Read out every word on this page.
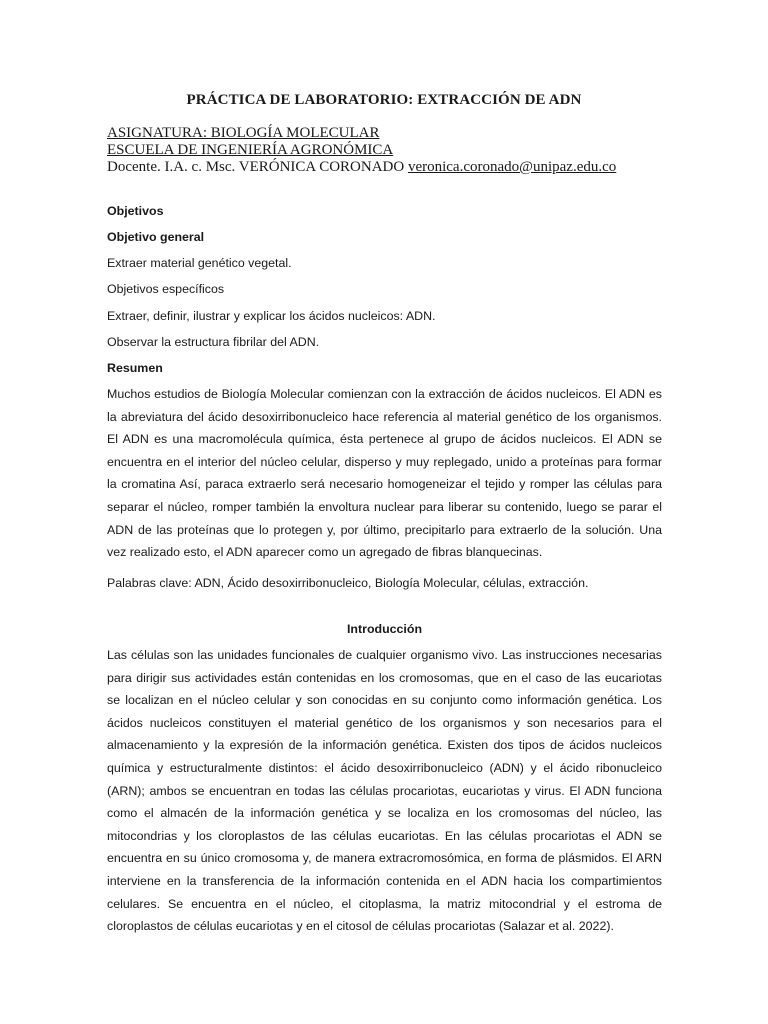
PRÁCTICA DE LABORATORIO: EXTRACCIÓN DE ADN
ASIGNATURA: BIOLOGÍA MOLECULAR
ESCUELA DE INGENIERÍA AGRONÓMICA
Docente. I.A. c. Msc. VERÓNICA CORONADO veronica.coronado@unipaz.edu.co
Objetivos
Objetivo general
Extraer material genético vegetal.
Objetivos específicos
Extraer, definir, ilustrar y explicar los ácidos nucleicos: ADN.
Observar la estructura fibrilar del ADN.
Resumen
Muchos estudios de Biología Molecular comienzan con la extracción de ácidos nucleicos. El ADN es la abreviatura del ácido desoxirribonucleico hace referencia al material genético de los organismos. El ADN es una macromolécula química, ésta pertenece al grupo de ácidos nucleicos. El ADN se encuentra en el interior del núcleo celular, disperso y muy replegado, unido a proteínas para formar la cromatina Así, paraca extraerlo será necesario homogeneizar el tejido y romper las células para separar el núcleo, romper también la envoltura nuclear para liberar su contenido, luego se parar el ADN de las proteínas que lo protegen y, por último, precipitarlo para extraerlo de la solución. Una vez realizado esto, el ADN aparecer como un agregado de fibras blanquecinas.
Palabras clave: ADN, Ácido desoxirribonucleico, Biología Molecular, células, extracción.
Introducción
Las células son las unidades funcionales de cualquier organismo vivo. Las instrucciones necesarias para dirigir sus actividades están contenidas en los cromosomas, que en el caso de las eucariotas se localizan en el núcleo celular y son conocidas en su conjunto como información genética. Los ácidos nucleicos constituyen el material genético de los organismos y son necesarios para el almacenamiento y la expresión de la información genética. Existen dos tipos de ácidos nucleicos química y estructuralmente distintos: el ácido desoxirribonucleico (ADN) y el ácido ribonucleico (ARN); ambos se encuentran en todas las células procariotas, eucariotas y virus. El ADN funciona como el almacén de la información genética y se localiza en los cromosomas del núcleo, las mitocondrias y los cloroplastos de las células eucariotas. En las células procariotas el ADN se encuentra en su único cromosoma y, de manera extracromosómica, en forma de plásmidos. El ARN interviene en la transferencia de la información contenida en el ADN hacia los compartimientos celulares. Se encuentra en el núcleo, el citoplasma, la matriz mitocondrial y el estroma de cloroplastos de células eucariotas y en el citosol de células procariotas (Salazar et al. 2022).
